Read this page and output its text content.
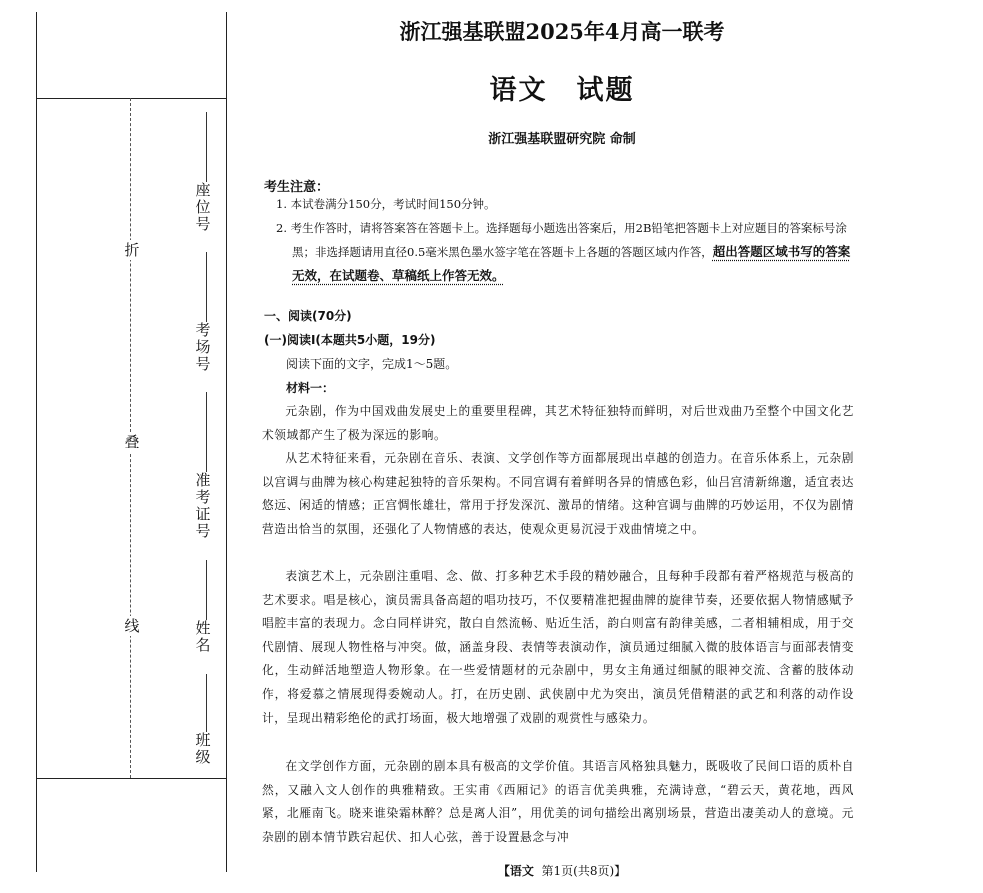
折
叠
线
座位号
考场号
准考证号
姓名
班级
浙江强基联盟2025年4月高一联考
语文　试题
浙江强基联盟研究院 命制
考生注意：
1. 本试卷满分150分，考试时间150分钟。
2. 考生作答时，请将答案答在答题卡上。选择题每小题选出答案后，用2B铅笔把答题卡上对应题目的答案标号涂黑；非选择题请用直径0.5毫米黑色墨水签字笔在答题卡上各题的答题区域内作答，超出答题区域书写的答案无效，在试题卷、草稿纸上作答无效。
一、阅读(70分)
(一)阅读Ⅰ(本题共5小题，19分)
阅读下面的文字，完成1～5题。
材料一：
元杂剧，作为中国戏曲发展史上的重要里程碑，其艺术特征独特而鲜明，对后世戏曲乃至整个中国文化艺术领域都产生了极为深远的影响。
从艺术特征来看，元杂剧在音乐、表演、文学创作等方面都展现出卓越的创造力。在音乐体系上，元杂剧以宫调与曲牌为核心构建起独特的音乐架构。不同宫调有着鲜明各异的情感色彩，仙吕宫清新绵邈，适宜表达悠远、闲适的情感；正宫惆怅雄壮，常用于抒发深沉、激昂的情绪。这种宫调与曲牌的巧妙运用，不仅为剧情营造出恰当的氛围，还强化了人物情感的表达，使观众更易沉浸于戏曲情境之中。
表演艺术上，元杂剧注重唱、念、做、打多种艺术手段的精妙融合，且每种手段都有着严格规范与极高的艺术要求。唱是核心，演员需具备高超的唱功技巧，不仅要精准把握曲牌的旋律节奏，还要依据人物情感赋予唱腔丰富的表现力。念白同样讲究，散白自然流畅、贴近生活，韵白则富有韵律美感，二者相辅相成，用于交代剧情、展现人物性格与冲突。做，涵盖身段、表情等表演动作，演员通过细腻入微的肢体语言与面部表情变化，生动鲜活地塑造人物形象。在一些爱情题材的元杂剧中，男女主角通过细腻的眼神交流、含蓄的肢体动作，将爱慕之情展现得委婉动人。打，在历史剧、武侠剧中尤为突出，演员凭借精湛的武艺和利落的动作设计，呈现出精彩绝伦的武打场面，极大地增强了戏剧的观赏性与感染力。
在文学创作方面，元杂剧的剧本具有极高的文学价值。其语言风格独具魅力，既吸收了民间口语的质朴自然，又融入文人创作的典雅精致。王实甫《西厢记》的语言优美典雅，充满诗意，“碧云天，黄花地，西风紧，北雁南飞。晓来谁染霜林醉？总是离人泪”，用优美的词句描绘出离别场景，营造出凄美动人的意境。元杂剧的剧本情节跌宕起伏、扣人心弦，善于设置悬念与冲
【语文 第1页(共8页)】
